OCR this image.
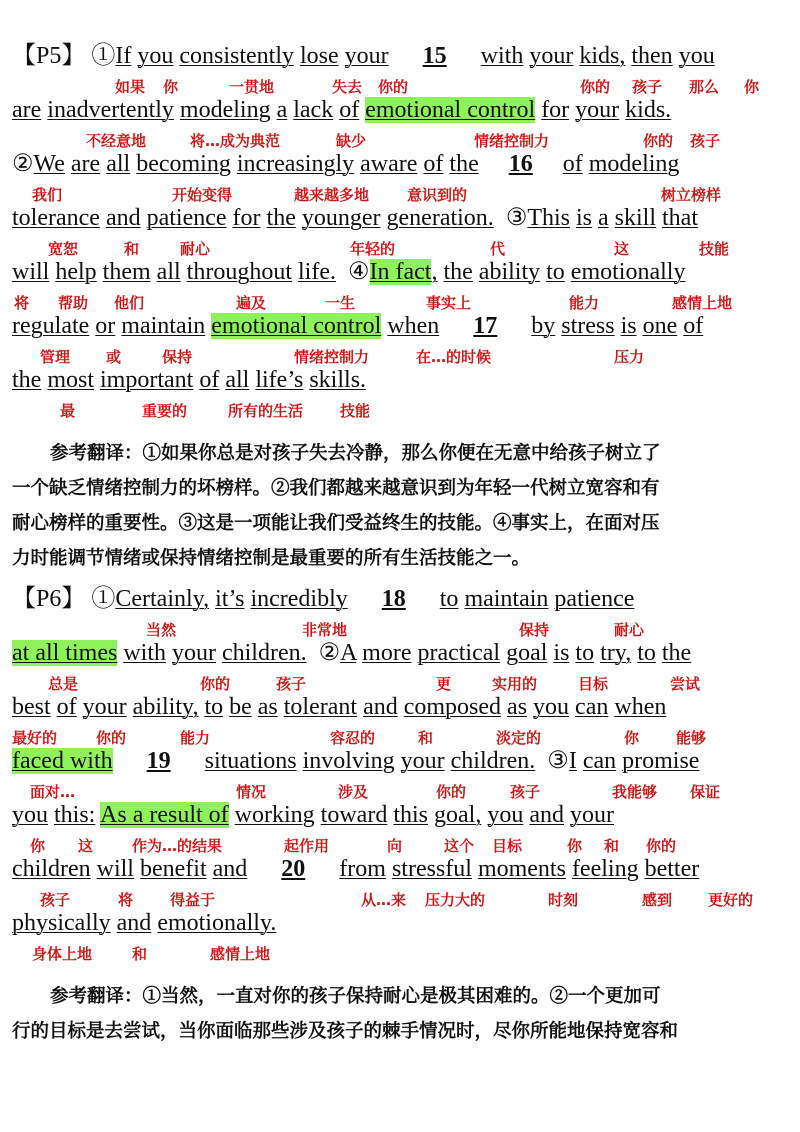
【P5】 ①If you consistently lose your 15 with your kids, then you
如果 你	一贯地	失去 你的	你的 孩子 那么 你
are inadvertently modeling a lack of emotional control for your kids.
不经意地	将…成为典范	缺少	情绪控制力	你的 孩子
②We are all becoming increasingly aware of the 16 of modeling
我们	开始变得	越来越多地	意识到的	树立榜样
tolerance and patience for the younger generation. ③This is a skill that
宽恕	和	耐心	年轻的	代	这	技能
will help them all throughout life. ④In fact, the ability to emotionally
将 帮助 他们	遍及	一生	事实上	能力	感情上地
regulate or maintain emotional control when 17 by stress is one of
管理 或	保持	情绪控制力	在…的时候	压力
the most important of all life’s skills.
最	重要的	所有的生活 技能
参考翻译：①如果你总是对孩子失去冷静，那么你便在无意中给孩子树立了
一个缺乏情绪控制力的坏榜样。②我们都越来越意识到为年轻一代树立宽容和有
耐心榜样的重要性。③这是一项能让我们受益终生的技能。④事实上，在面对压
力时能调节情绪或保持情绪控制是最重要的所有生活技能之一。
【P6】 ①Certainly, it’s incredibly 18 to maintain patience
当然	非常地	保持	耐心
at all times with your children. ②A more practical goal is to try, to the
总是	你的	孩子	更	实用的	目标	尝试
best of your ability, to be as tolerant and composed as you can when
最好的	你的	能力	容忍的	和	淡定的	你 能够
faced with 19 situations involving your children. ③I can promise
面对…	情况	涉及	你的	孩子	我能够 保证
you this: As a result of working toward this goal, you and your
你 这	作为…的结果	起作用	向	这个 目标	你 和 你的
children will benefit and 20 from stressful moments feeling better
孩子	将 得益于	从…来 压力大的	时刻	感到 更好的
physically and emotionally.
身体上地	和	感情上地
参考翻译：①当然，一直对你的孩子保持耐心是极其困难的。②一个更加可
行的目标是去尝试，当你面临那些涉及孩子的棘手情况时，尽你所能地保持宽容和
